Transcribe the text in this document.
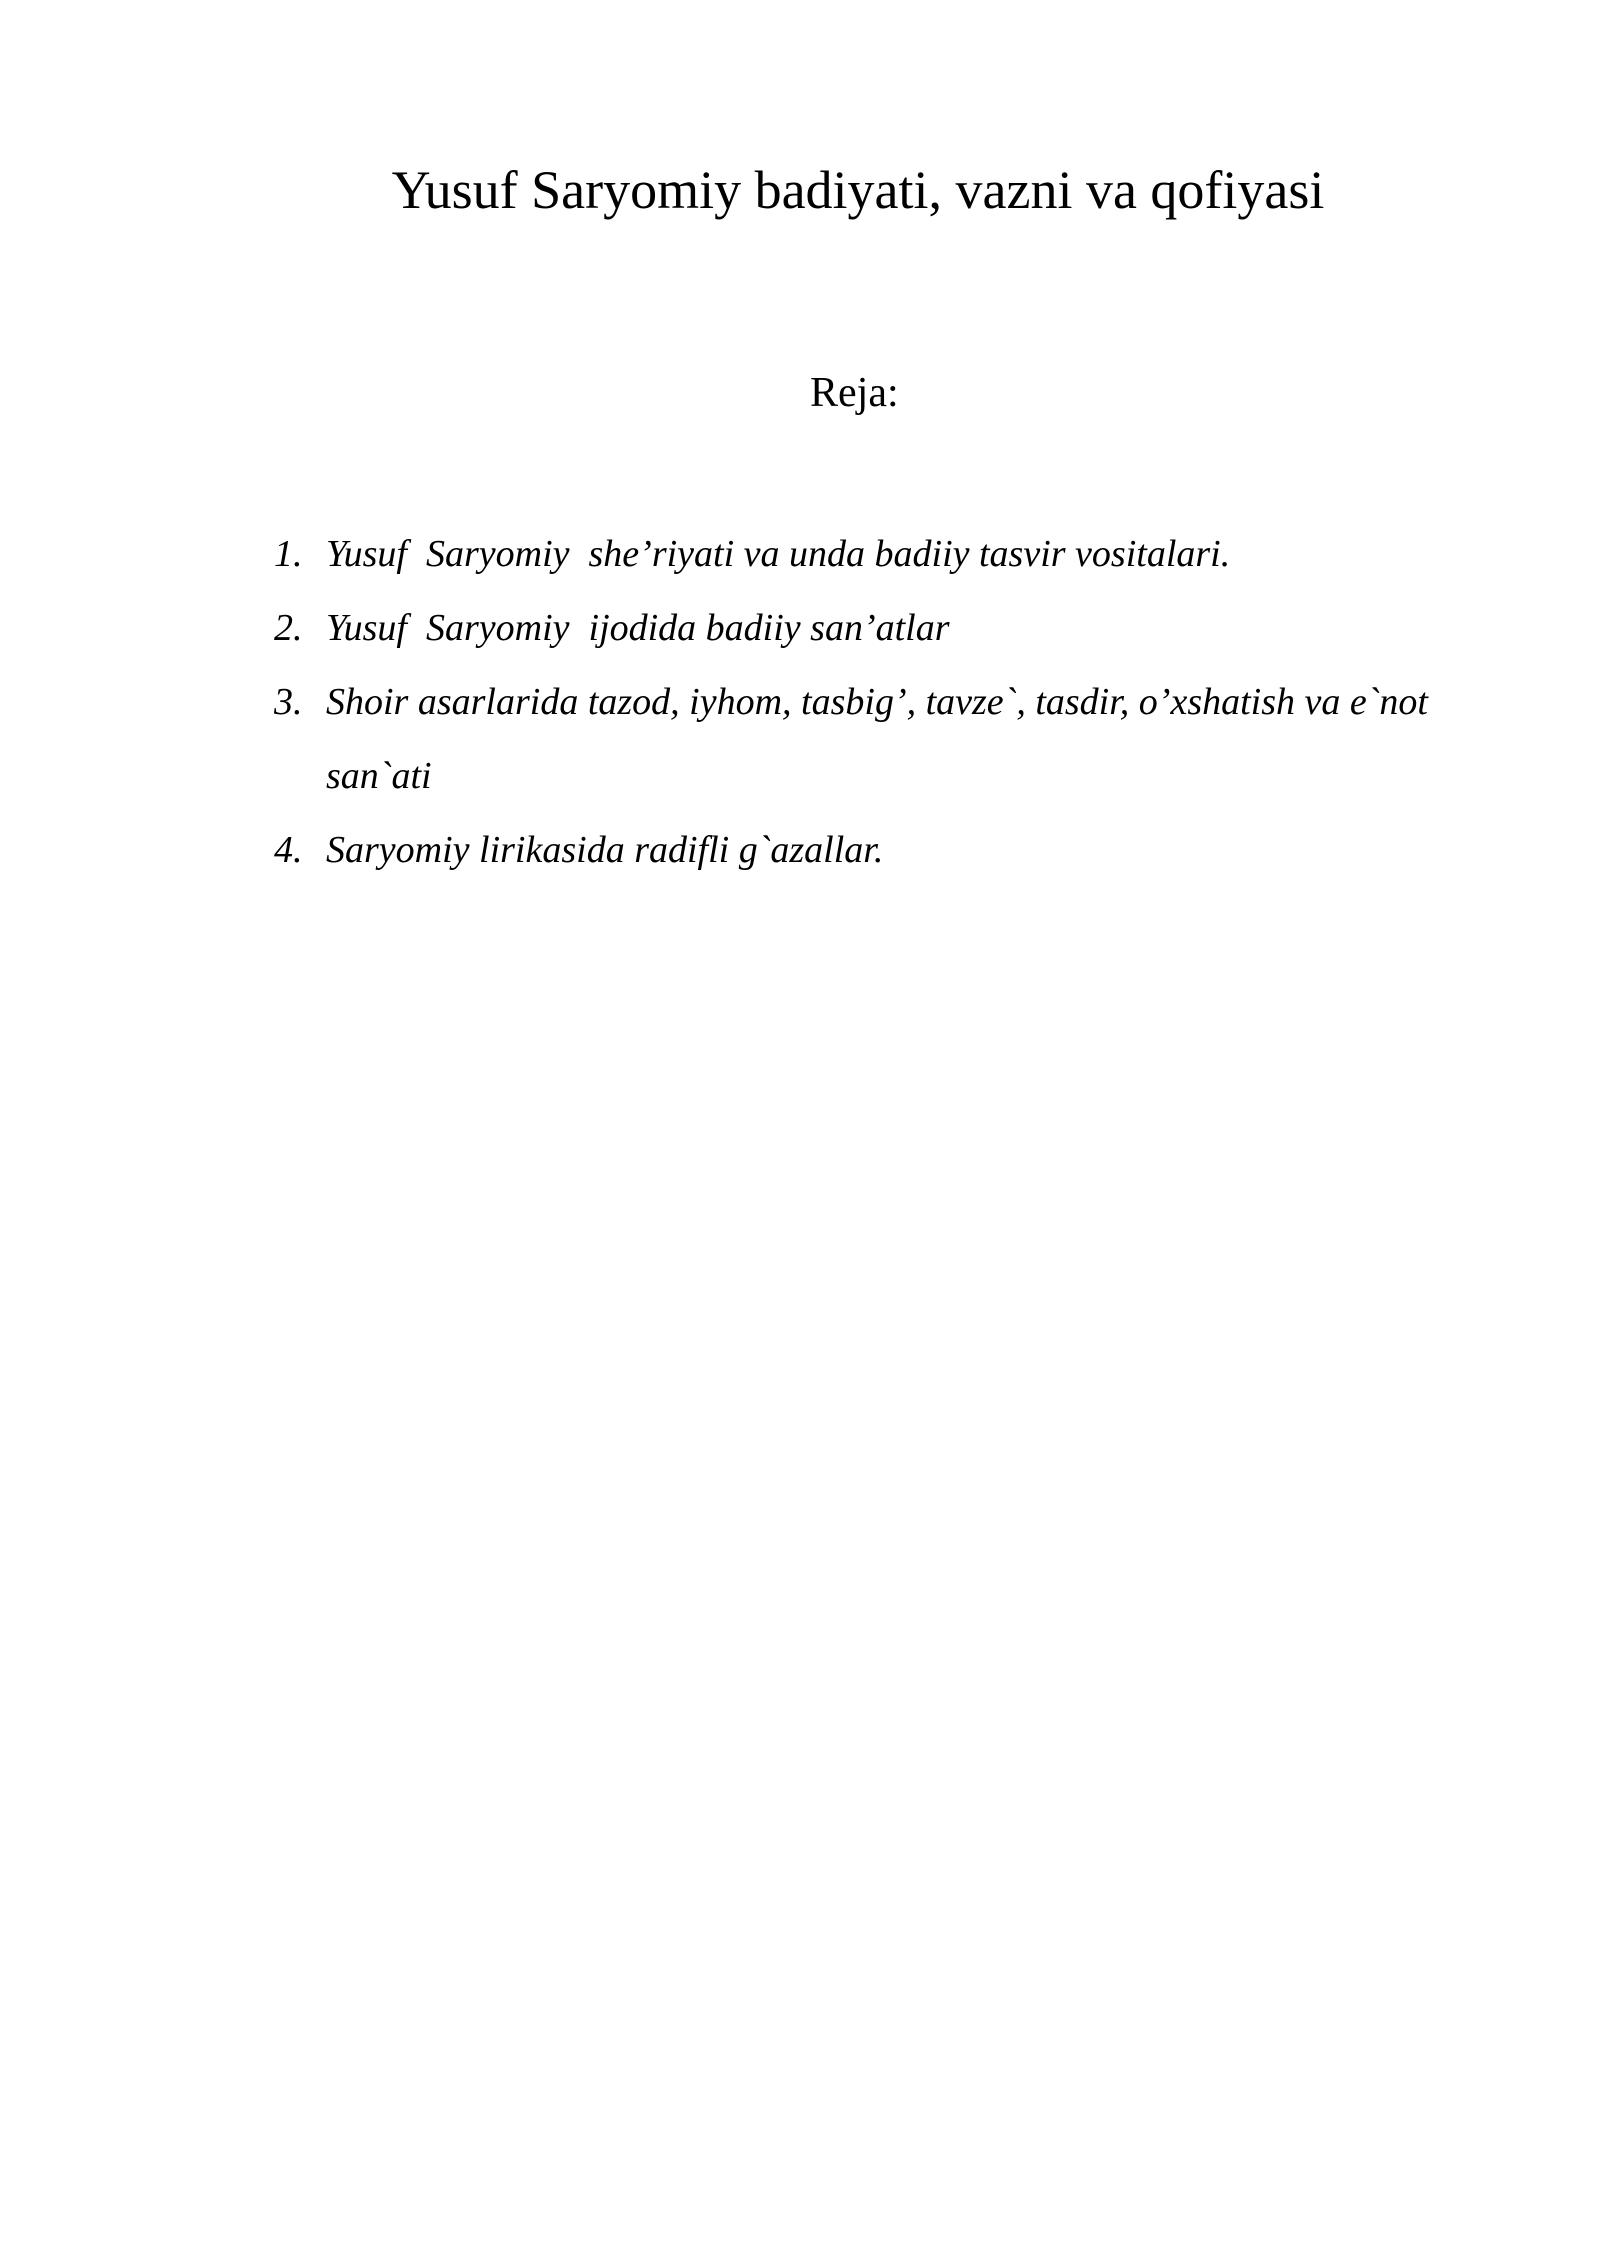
Yusuf Saryomiy badiyati, vazni va qofiyasi
Reja:
1. Yusuf  Saryomiy  she’riyati va unda badiiy tasvir vositalari.
2. Yusuf  Saryomiy  ijodida badiiy san’atlar
3. Shoir asarlarida tazod, iyhom, tasbig’, tavze`, tasdir, o’xshatish va e`not san`ati
4. Saryomiy lirikasida radifli g`azallar.
